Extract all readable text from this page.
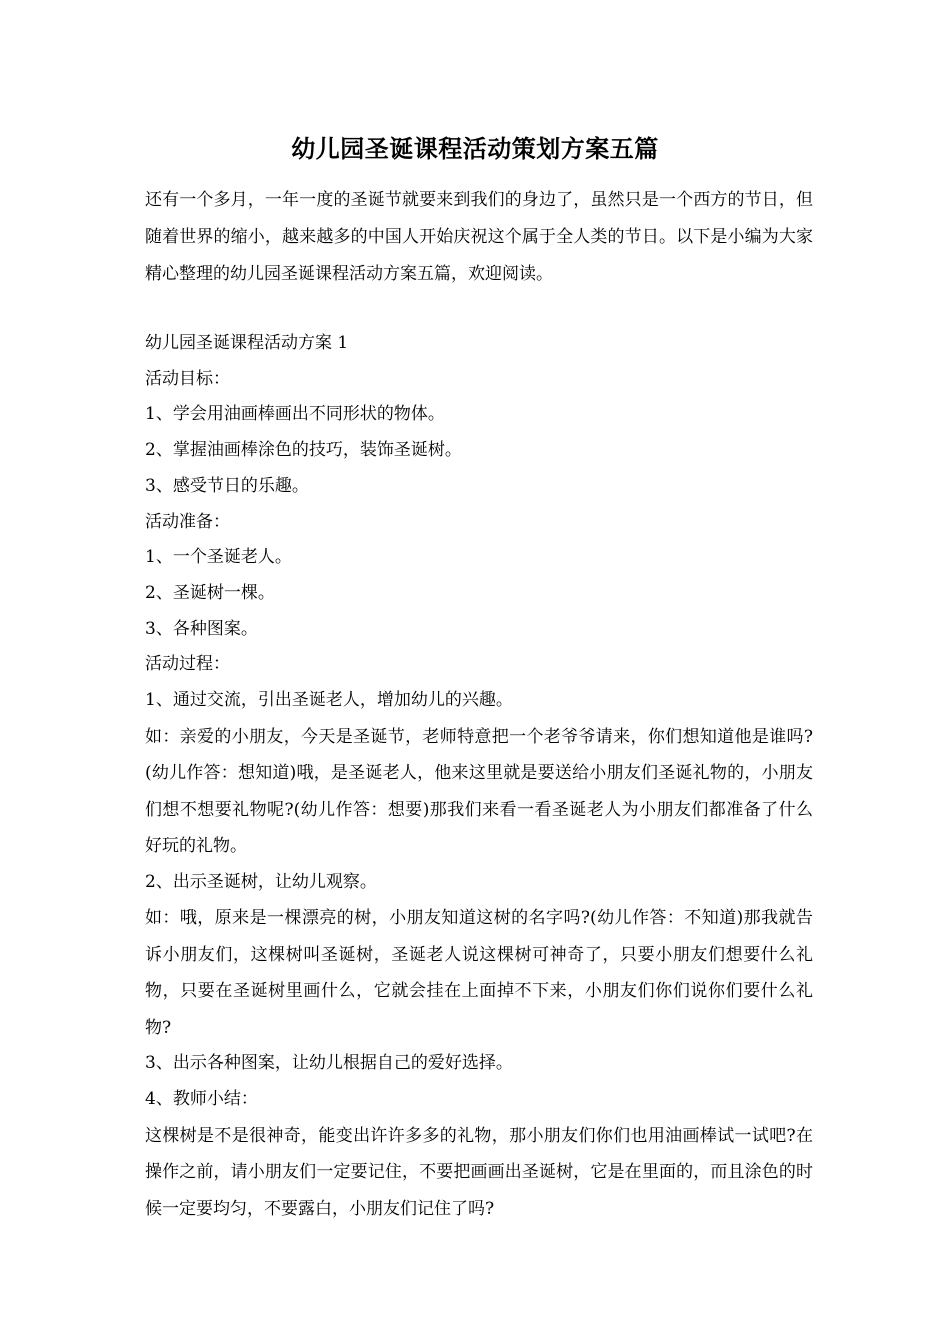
幼儿园圣诞课程活动策划方案五篇

还有一个多月，一年一度的圣诞节就要来到我们的身边了，虽然只是一个西方的节日，但随着世界的缩小，越来越多的中国人开始庆祝这个属于全人类的节日。以下是小编为大家精心整理的幼儿园圣诞课程活动方案五篇，欢迎阅读。

幼儿园圣诞课程活动方案 1

活动目标：

1、学会用油画棒画出不同形状的物体。

2、掌握油画棒涂色的技巧，装饰圣诞树。

3、感受节日的乐趣。

活动准备：

1、一个圣诞老人。

2、圣诞树一棵。

3、各种图案。

活动过程：

1、通过交流，引出圣诞老人，增加幼儿的兴趣。

如：亲爱的小朋友，今天是圣诞节，老师特意把一个老爷爷请来，你们想知道他是谁吗?(幼儿作答：想知道)哦，是圣诞老人，他来这里就是要送给小朋友们圣诞礼物的，小朋友们想不想要礼物呢?(幼儿作答：想要)那我们来看一看圣诞老人为小朋友们都准备了什么好玩的礼物。

2、出示圣诞树，让幼儿观察。

如：哦，原来是一棵漂亮的树，小朋友知道这树的名字吗?(幼儿作答：不知道)那我就告诉小朋友们，这棵树叫圣诞树，圣诞老人说这棵树可神奇了，只要小朋友们想要什么礼物，只要在圣诞树里画什么，它就会挂在上面掉不下来，小朋友们你们说你们要什么礼物?

3、出示各种图案，让幼儿根据自己的爱好选择。

4、教师小结：

这棵树是不是很神奇，能变出许许多多的礼物，那小朋友们你们也用油画棒试一试吧?在操作之前，请小朋友们一定要记住，不要把画画出圣诞树，它是在里面的，而且涂色的时候一定要均匀，不要露白，小朋友们记住了吗?
